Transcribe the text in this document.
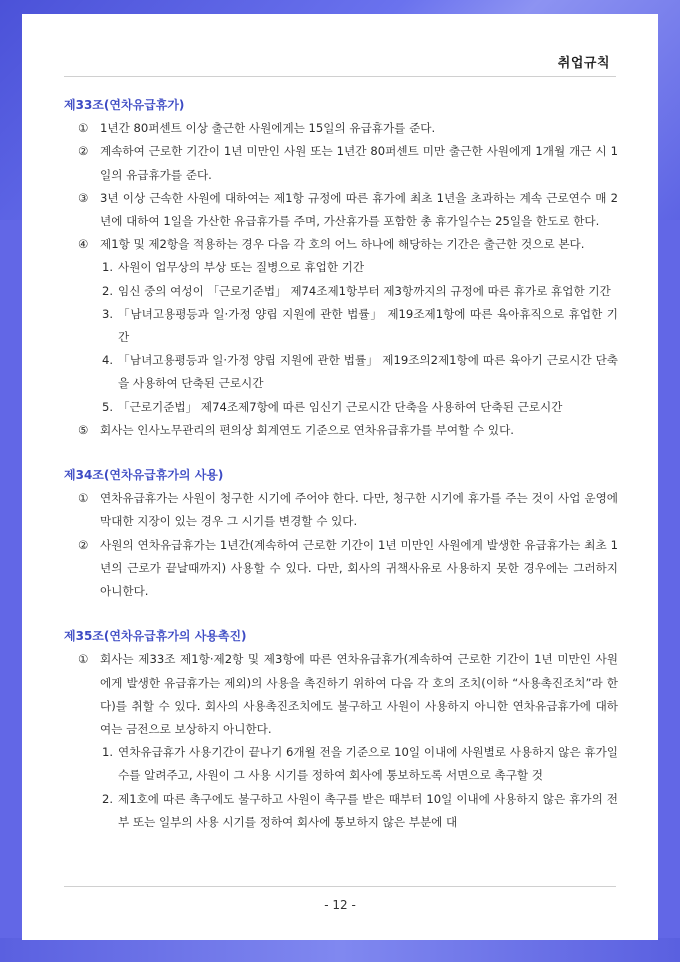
취업규칙
제33조(연차유급휴가)
① 1년간 80퍼센트 이상 출근한 사원에게는 15일의 유급휴가를 준다.
② 계속하여 근로한 기간이 1년 미만인 사원 또는 1년간 80퍼센트 미만 출근한 사원에게 1개월 개근 시 1일의 유급휴가를 준다.
③ 3년 이상 근속한 사원에 대하여는 제1항 규정에 따른 휴가에 최초 1년을 초과하는 계속 근로연수 매 2년에 대하여 1일을 가산한 유급휴가를 주며, 가산휴가를 포함한 총 휴가일수는 25일을 한도로 한다.
④ 제1항 및 제2항을 적용하는 경우 다음 각 호의 어느 하나에 해당하는 기간은 출근한 것으로 본다.
1. 사원이 업무상의 부상 또는 질병으로 휴업한 기간
2. 임신 중의 여성이 「근로기준법」 제74조제1항부터 제3항까지의 규정에 따른 휴가로 휴업한 기간
3. 「남녀고용평등과 일·가정 양립 지원에 관한 법률」 제19조제1항에 따른 육아휴직으로 휴업한 기간
4. 「남녀고용평등과 일·가정 양립 지원에 관한 법률」 제19조의2제1항에 따른 육아기 근로시간 단축을 사용하여 단축된 근로시간
5. 「근로기준법」 제74조제7항에 따른 임신기 근로시간 단축을 사용하여 단축된 근로시간
⑤ 회사는 인사노무관리의 편의상 회계연도 기준으로 연차유급휴가를 부여할 수 있다.
제34조(연차유급휴가의 사용)
① 연차유급휴가는 사원이 청구한 시기에 주어야 한다. 다만, 청구한 시기에 휴가를 주는 것이 사업 운영에 막대한 지장이 있는 경우 그 시기를 변경할 수 있다.
② 사원의 연차유급휴가는 1년간(계속하여 근로한 기간이 1년 미만인 사원에게 발생한 유급휴가는 최초 1년의 근로가 끝날때까지) 사용할 수 있다. 다만, 회사의 귀책사유로 사용하지 못한 경우에는 그러하지 아니한다.
제35조(연차유급휴가의 사용촉진)
① 회사는 제33조 제1항·제2항 및 제3항에 따른 연차유급휴가(계속하여 근로한 기간이 1년 미만인 사원에게 발생한 유급휴가는 제외)의 사용을 촉진하기 위하여 다음 각 호의 조치(이하 “사용촉진조치”라 한다)를 취할 수 있다. 회사의 사용촉진조치에도 불구하고 사원이 사용하지 아니한 연차유급휴가에 대하여는 금전으로 보상하지 아니한다.
1. 연차유급휴가 사용기간이 끝나기 6개월 전을 기준으로 10일 이내에 사원별로 사용하지 않은 휴가일수를 알려주고, 사원이 그 사용 시기를 정하여 회사에 통보하도록 서면으로 촉구할 것
2. 제1호에 따른 촉구에도 불구하고 사원이 촉구를 받은 때부터 10일 이내에 사용하지 않은 휴가의 전부 또는 일부의 사용 시기를 정하여 회사에 통보하지 않은 부분에 대
- 12 -
